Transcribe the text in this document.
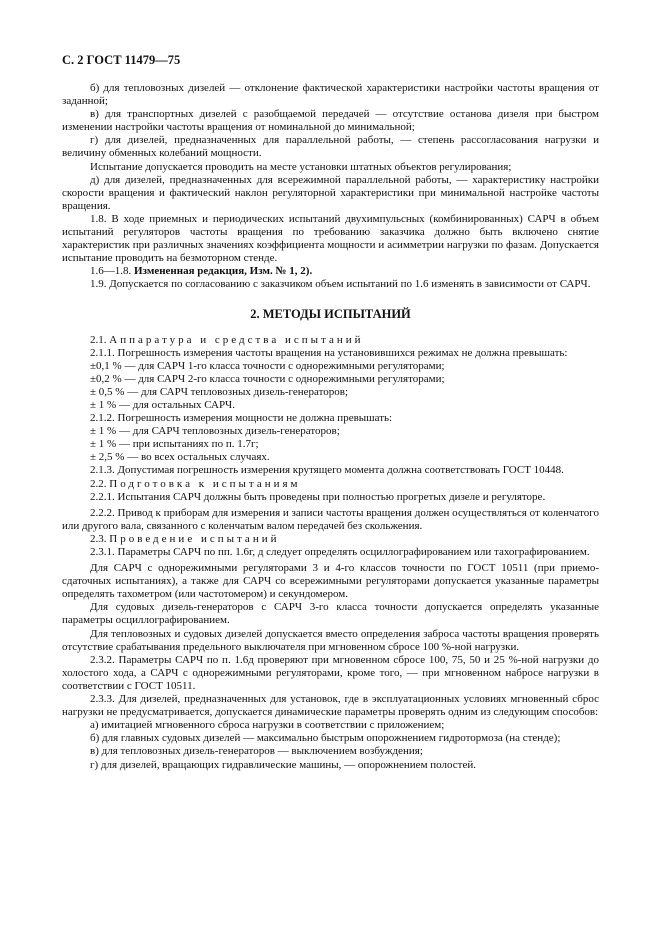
С. 2 ГОСТ 11479—75

б) для тепловозных дизелей — отклонение фактической характеристики настройки частоты вращения от заданной;

в) для транспортных дизелей с разобщаемой передачей — отсутствие останова дизеля при быстром изменении настройки частоты вращения от номинальной до минимальной;

г) для дизелей, предназначенных для параллельной работы, — степень рассогласования нагрузки и величину обменных колебаний мощности.

Испытание допускается проводить на месте установки штатных объектов регулирования;

д) для дизелей, предназначенных для всережимной параллельной работы, — характеристику настройки скорости вращения и фактический наклон регуляторной характеристики при минимальной настройке частоты вращения.

1.8. В ходе приемных и периодических испытаний двухимпульсных (комбинированных) САРЧ в объем испытаний регуляторов частоты вращения по требованию заказчика должно быть включено снятие характеристик при различных значениях коэффициента мощности и асимметрии нагрузки по фазам. Допускается испытание проводить на безмоторном стенде.

1.6—1.8. Измененная редакция, Изм. № 1, 2).

1.9. Допускается по согласованию с заказчиком объем испытаний по 1.6 изменять в зависимости от САРЧ.

2. МЕТОДЫ ИСПЫТАНИЙ

2.1. Аппаратура и средства испытаний

2.1.1. Погрешность измерения частоты вращения на установившихся режимах не должна превышать:

±0,1 % — для САРЧ 1-го класса точности с однорежимными регуляторами;

±0,2 % — для САРЧ 2-го класса точности с однорежимными регуляторами;

± 0,5 % — для САРЧ тепловозных дизель-генераторов;

± 1 % — для остальных САРЧ.

2.1.2. Погрешность измерения мощности не должна превышать:

± 1 % — для САРЧ тепловозных дизель-генераторов;

± 1 % — при испытаниях по п. 1.7г;

± 2,5 % — во всех остальных случаях.

2.1.3. Допустимая погрешность измерения крутящего момента должна соответствовать ГОСТ 10448.

2.2. Подготовка к испытаниям

2.2.1. Испытания САРЧ должны быть проведены при полностью прогретых дизеле и регуляторе.

2.2.2. Привод к приборам для измерения и записи частоты вращения должен осуществляться от коленчатого или другого вала, связанного с коленчатым валом передачей без скольжения.

2.3. Проведение испытаний

2.3.1. Параметры САРЧ по пп. 1.6г, д следует определять осциллографированием или тахографированием.

Для САРЧ с однорежимными регуляторами 3 и 4-го классов точности по ГОСТ 10511 (при приемо-сдаточных испытаниях), а также для САРЧ со всережимными регуляторами допускается указанные параметры определять тахометром (или частотомером) и секундомером.

Для судовых дизель-генераторов с САРЧ 3-го класса точности допускается определять указанные параметры осциллографированием.

Для тепловозных и судовых дизелей допускается вместо определения заброса частоты вращения проверять отсутствие срабатывания предельного выключателя при мгновенном сбросе 100 %-ной нагрузки.

2.3.2. Параметры САРЧ по п. 1.6д проверяют при мгновенном сбросе 100, 75, 50 и 25 %-ной нагрузки до холостого хода, а САРЧ с однорежимными регуляторами, кроме того, — при мгновенном набросе нагрузки в соответствии с ГОСТ 10511.

2.3.3. Для дизелей, предназначенных для установок, где в эксплуатационных условиях мгновенный сброс нагрузки не предусматривается, допускается динамические параметры проверять одним из следующим способов:

а) имитацией мгновенного сброса нагрузки в соответствии с приложением;

б) для главных судовых дизелей — максимально быстрым опорожнением гидротормоза (на стенде);

в) для тепловозных дизель-генераторов — выключением возбуждения;

г) для дизелей, вращающих гидравлические машины, — опорожнением полостей.
